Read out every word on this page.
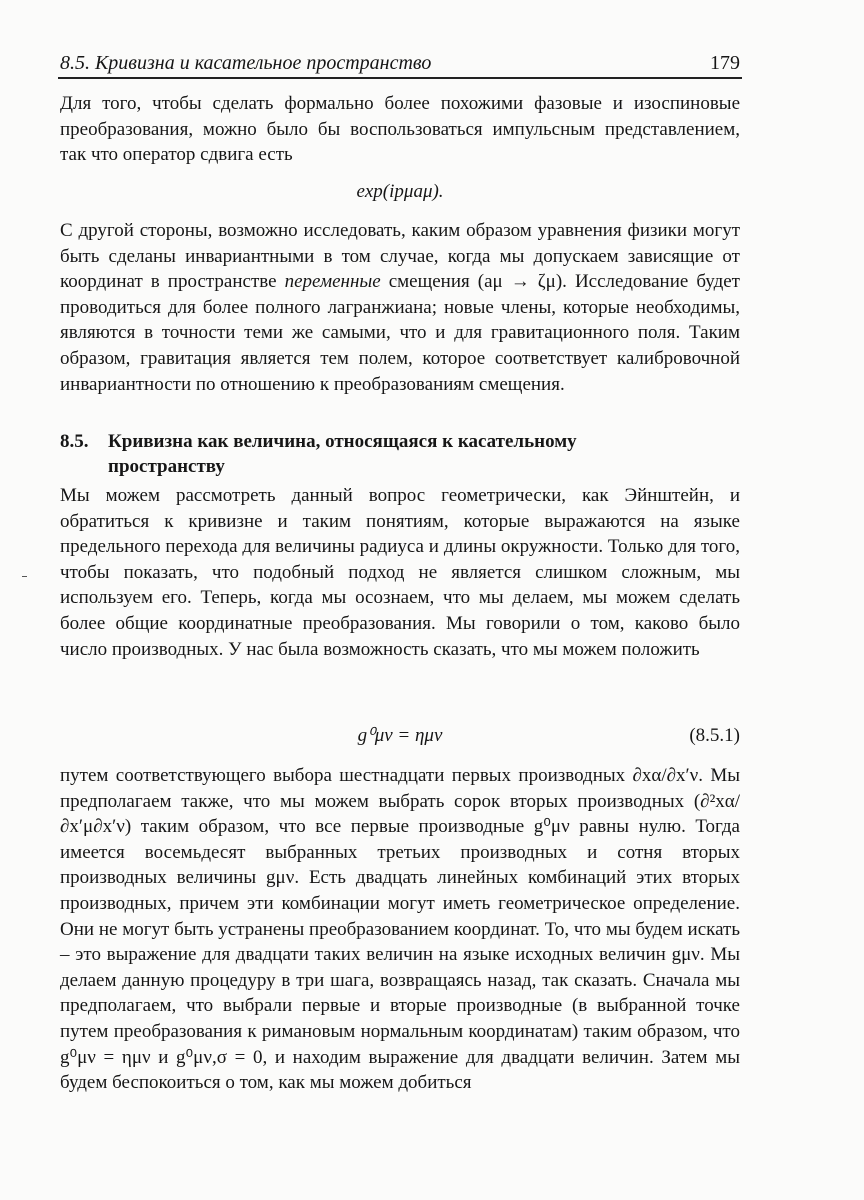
8.5. Кривизна и касательное пространство	179

Для того, чтобы сделать формально более похожими фазовые и изоспиновые преобразования, можно было бы воспользоваться импульсным представлением, так что оператор сдвига есть

exp(ipμaμ).

С другой стороны, возможно исследовать, каким образом уравнения физики могут быть сделаны инвариантными в том случае, когда мы допускаем зависящие от координат в пространстве переменные смещения (aμ → ζμ). Исследование будет проводиться для более полного лагранжиана; новые члены, которые необходимы, являются в точности теми же самыми, что и для гравитационного поля. Таким образом, гравитация является тем полем, которое соответствует калибровочной инвариантности по отношению к преобразованиям смещения.

8.5. Кривизна как величина, относящаяся к касательному
пространству

Мы можем рассмотреть данный вопрос геометрически, как Эйнштейн, и обратиться к кривизне и таким понятиям, которые выражаются на языке предельного перехода для величины радиуса и длины окружности. Только для того, чтобы показать, что подобный подход не является слишком сложным, мы используем его. Теперь, когда мы осознаем, что мы делаем, мы можем сделать более общие координатные преобразования. Мы говорили о том, каково было число производных. У нас была возможность сказать, что мы можем положить

g⁰μν = ημν	(8.5.1)

путем соответствующего выбора шестнадцати первых производных ∂xα/∂x′ν. Мы предполагаем также, что мы можем выбрать сорок вторых производных (∂²xα/∂x′μ∂x′ν) таким образом, что все первые производные g⁰μν равны нулю. Тогда имеется восемьдесят выбранных третьих производных и сотня вторых производных величины gμν. Есть двадцать линейных комбинаций этих вторых производных, причем эти комбинации могут иметь геометрическое определение. Они не могут быть устранены преобразованием координат. То, что мы будем искать – это выражение для двадцати таких величин на языке исходных величин gμν. Мы делаем данную процедуру в три шага, возвращаясь назад, так сказать. Сначала мы предполагаем, что выбрали первые и вторые производные (в выбранной точке путем преобразования к римановым нормальным координатам) таким образом, что g⁰μν = ημν и g⁰μν,σ = 0, и находим выражение для двадцати величин. Затем мы будем беспокоиться о том, как мы можем добиться
